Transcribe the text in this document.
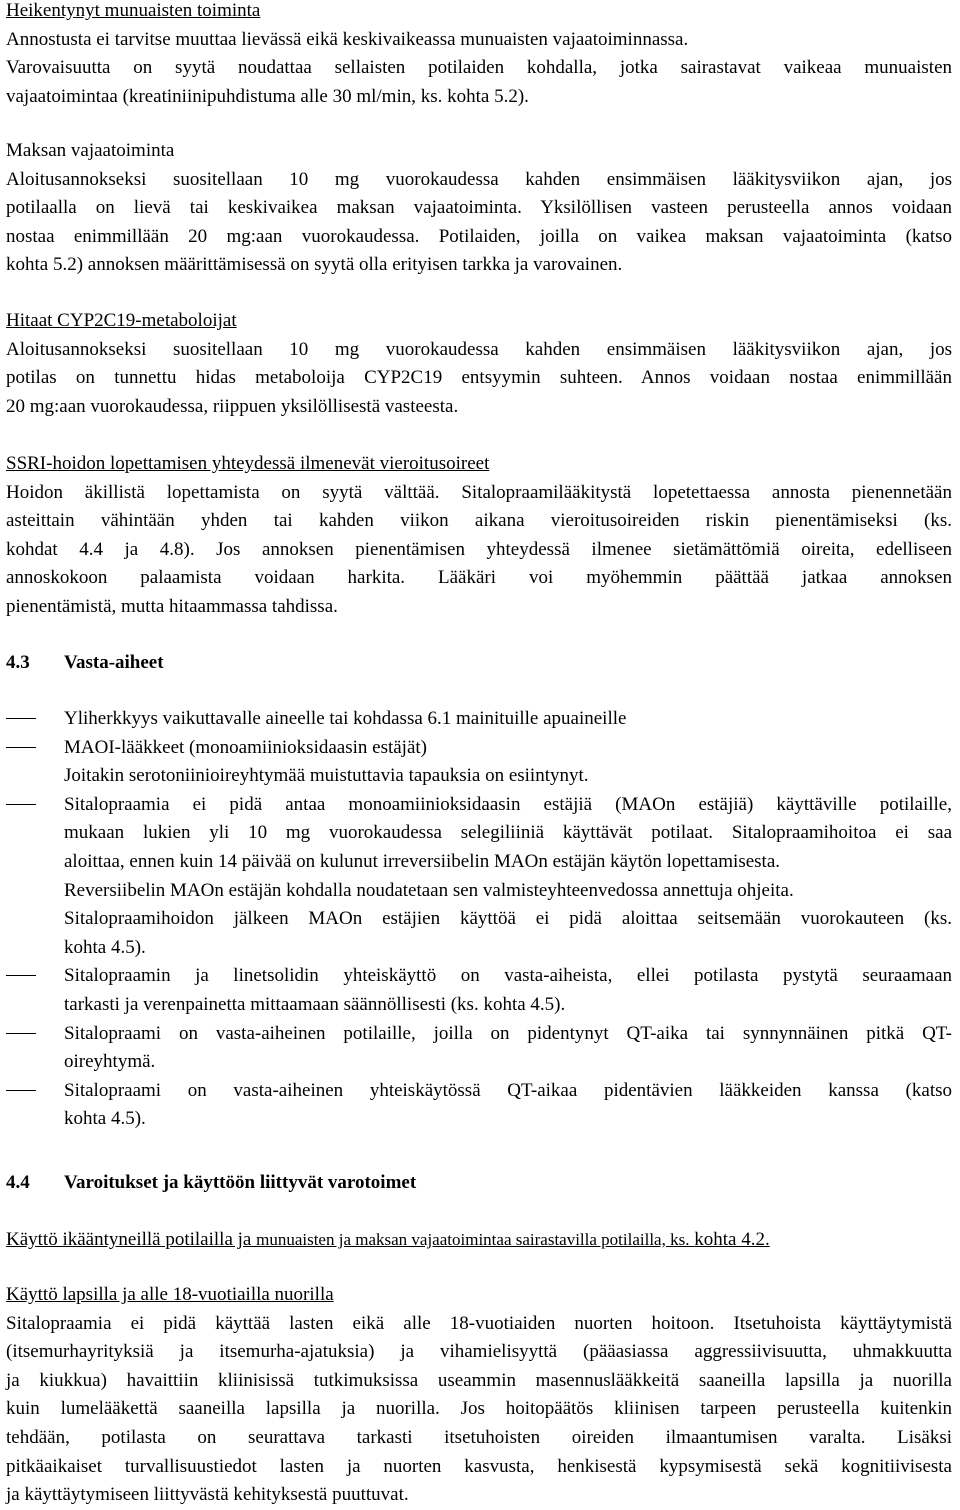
Heikentynyt munuaisten toiminta
Annostusta ei tarvitse muuttaa lievässä eikä keskivaikeassa munuaisten vajaatoiminnassa.
Varovaisuutta on syytä noudattaa sellaisten potilaiden kohdalla, jotka sairastavat vaikeaa munuaisten
vajaatoimintaa (kreatiniinipuhdistuma alle 30 ml/min, ks. kohta 5.2).
Maksan vajaatoiminta
Aloitusannokseksi suositellaan 10 mg vuorokaudessa kahden ensimmäisen lääkitysviikon ajan, jos
potilaalla on lievä tai keskivaikea maksan vajaatoiminta. Yksilöllisen vasteen perusteella annos voidaan
nostaa enimmillään 20 mg:aan vuorokaudessa. Potilaiden, joilla on vaikea maksan vajaatoiminta (katso
kohta 5.2) annoksen määrittämisessä on syytä olla erityisen tarkka ja varovainen.
Hitaat CYP2C19-metaboloijat
Aloitusannokseksi suositellaan 10 mg vuorokaudessa kahden ensimmäisen lääkitysviikon ajan, jos
potilas on tunnettu hidas metaboloija CYP2C19 entsyymin suhteen. Annos voidaan nostaa enimmillään
20 mg:aan vuorokaudessa, riippuen yksilöllisestä vasteesta.
SSRI-hoidon lopettamisen yhteydessä ilmenevät vieroitusoireet
Hoidon äkillistä lopettamista on syytä välttää. Sitalopraamilääkitystä lopetettaessa annosta pienennetään
asteittain vähintään yhden tai kahden viikon aikana vieroitusoireiden riskin pienentämiseksi (ks.
kohdat 4.4 ja 4.8). Jos annoksen pienentämisen yhteydessä ilmenee sietämättömiä oireita, edelliseen
annoskokoon palaamista voidaan harkita. Lääkäri voi myöhemmin päättää jatkaa annoksen
pienentämistä, mutta hitaammassa tahdissa.
4.3 Vasta-aiheet
Yliherkkyys vaikuttavalle aineelle tai kohdassa 6.1 mainituille apuaineille
MAOI-lääkkeet (monoamiinioksidaasin estäjät)
Joitakin serotoniinioireyhtymää muistuttavia tapauksia on esiintynyt.
Sitalopraamia ei pidä antaa monoamiinioksidaasin estäjiä (MAOn estäjiä) käyttäville potilaille,
mukaan lukien yli 10 mg vuorokaudessa selegiliiniä käyttävät potilaat. Sitalopraamihoitoa ei saa
aloittaa, ennen kuin 14 päivää on kulunut irreversiibelin MAOn estäjän käytön lopettamisesta.
Reversiibelin MAOn estäjän kohdalla noudatetaan sen valmisteyhteenvedossa annettuja ohjeita.
Sitalopraamihoidon jälkeen MAOn estäjien käyttöä ei pidä aloittaa seitsemään vuorokauteen (ks.
kohta 4.5).
Sitalopraamin ja linetsolidin yhteiskäyttö on vasta-aiheista, ellei potilasta pystytä seuraamaan
tarkasti ja verenpainetta mittaamaan säännöllisesti (ks. kohta 4.5).
Sitalopraami on vasta-aiheinen potilaille, joilla on pidentynyt QT-aika tai synnynnäinen pitkä QT-
oireyhtymä.
Sitalopraami on vasta-aiheinen yhteiskäytössä QT-aikaa pidentävien lääkkeiden kanssa (katso
kohta 4.5).
4.4 Varoitukset ja käyttöön liittyvät varotoimet
Käyttö ikääntyneillä potilailla ja munuaisten ja maksan vajaatoimintaa sairastavilla potilailla, ks. kohta 4.2.
Käyttö lapsilla ja alle 18-vuotiailla nuorilla
Sitalopraamia ei pidä käyttää lasten eikä alle 18-vuotiaiden nuorten hoitoon. Itsetuhoista käyttäytymistä
(itsemurhayrityksiä ja itsemurha-ajatuksia) ja vihamielisyyttä (pääasiassa aggressiivisuutta, uhmakkuutta
ja kiukkua) havaittiin kliinisissä tutkimuksissa useammin masennuslääkkeitä saaneilla lapsilla ja nuorilla
kuin lumelääkettä saaneilla lapsilla ja nuorilla. Jos hoitopäätös kliinisen tarpeen perusteella kuitenkin
tehdään, potilasta on seurattava tarkasti itsetuhoisten oireiden ilmaantumisen varalta. Lisäksi
pitkäaikaiset turvallisuustiedot lasten ja nuorten kasvusta, henkisestä kypsymisestä sekä kognitiivisesta
ja käyttäytymiseen liittyvästä kehityksestä puuttuvat.
